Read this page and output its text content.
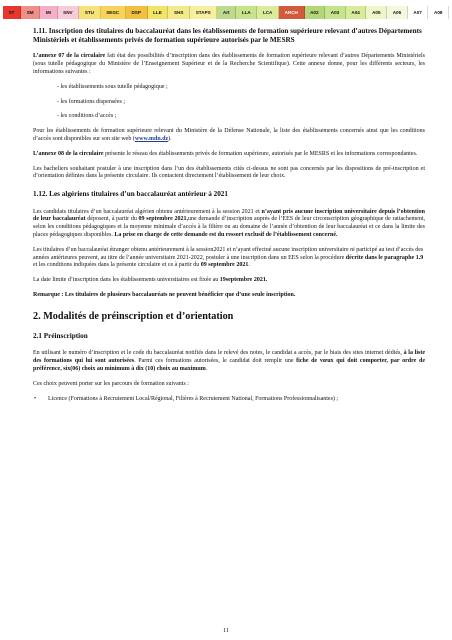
ST	SM	MI	SNV	STU	SEGC	DSP	LLE	SHS	STAPS	Art	LLA	LCA	ARCH	A02	A03	A04	A05	A06	A07	A08
1.11. Inscription des titulaires du baccalauréat dans les établissements de formation supérieure relevant d’autres Départements Ministériels et établissements privés de formation supérieure autorisés par le MESRS

L’annexe 07 de la circulaire fait état des possibilités d’inscription dans des établissements de formation supérieure relevant d’autres Départements Ministériels (sous tutelle pédagogique du Ministère de l’Enseignement Supérieur et de la Recherche Scientifique). Cette annexe donne, pour les différents secteurs, les informations suivantes :

- les établissements sous tutelle pédagogique ;
- les formations dispensées ;
- les conditions d’accès ;

Pour les établissements de formation supérieure relevant du Ministère de la Défense Nationale, la liste des établissements concernés ainsi que les conditions d’accès sont disponibles sur son site web (www.mdn.dz).

L’annexe 08 de la circulaire présente le réseau des établissements privés de formation supérieure, autorisés par le MESRS et les informations correspondantes.

Les bacheliers souhaitant postuler à une inscription dans l’un des établissements cités ci-dessus ne sont pas concernés par les dispositions de pré-inscription et d’orientation définies dans la présente circulaire. Ils contactent directement l’établissement de leur choix.

1.12. Les algériens titulaires d’un baccalauréat antérieur à 2021

Les candidats titulaires d’un baccalauréat algérien obtenu antérieurement à la session 2021 et n’ayant pris aucune inscription universitaire depuis l’obtention de leur baccalauréat déposent, à partir du 09 septembre 2021,une demande d’inscription auprès de l’EES de leur circonscription géographique de rattachement, selon les conditions pédagogiques et la moyenne minimale d’accès à la filière ou au domaine de l’année d’obtention de leur baccalauréat et ce dans la limite des places pédagogiques disponibles. La prise en charge de cette demande est du ressort exclusif de l’établissement concerné.

Les titulaires d’un baccalauréat étranger obtenu antérieurement à la session2021 et n’ayant effectué aucune inscription universitaire ni participé au test d’accès des années antérieures peuvent, au titre de l’année universitaire 2021-2022, postuler à une inscription dans un EES selon la procédure décrite dans le paragraphe 1.9 et les conditions indiquées dans la présente circulaire et ce à partir du 09 septembre 2021.

La date limite d’inscription dans les établissements universitaires est fixée au 19septembre 2021.

Remarque : Les titulaires de plusieurs baccalauréats ne peuvent bénéficier que d’une seule inscription.

2. Modalités de préinscription et d’orientation
2.1 Préinscription

En utilisant le numéro d’inscription et le code du baccalauréat notifiés dans le relevé des notes, le candidat a accès, par le biais des sites internet dédiés, à la liste des formations qui lui sont autorisées. Parmi ces formations autorisées, le candidat doit remplir une fiche de vœux qui doit comporter, par ordre de préférence, six(06) choix au minimum à dix (10) choix au maximum.

Ces choix peuvent porter sur les parcours de formation suivants :

• Licence (Formations à Recrutement Local/Régional, Filières à Recrutement National, Formations Professionnalisantes) ;
11
